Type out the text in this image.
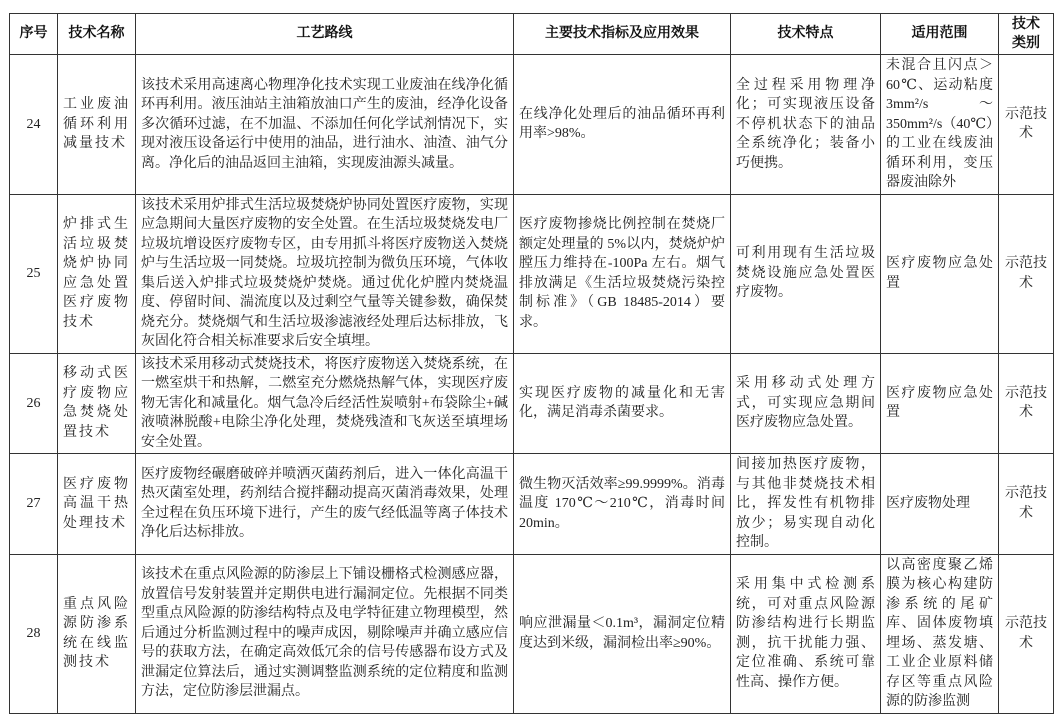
序号	技术名称	工艺路线	主要技术指标及应用效果	技术特点	适用范围	技术类别
24	工业废油循环利用减量技术	该技术采用高速离心物理净化技术实现工业废油在线净化循环再利用。液压油站主油箱放油口产生的废油，经净化设备多次循环过滤，在不加温、不添加任何化学试剂情况下，实现对液压设备运行中使用的油品，进行油水、油渣、油气分离。净化后的油品返回主油箱，实现废油源头减量。	在线净化处理后的油品循环再利用率>98%。	全过程采用物理净化；可实现液压设备不停机状态下的油品全系统净化；装备小巧便携。	未混合且闪点＞60℃、运动粘度3mm²/s ～350mm²/s（40℃）的工业在线废油循环利用，变压器废油除外	示范技术
25	炉排式生活垃圾焚烧炉协同应急处置医疗废物技术	该技术采用炉排式生活垃圾焚烧炉协同处置医疗废物，实现应急期间大量医疗废物的安全处置。在生活垃圾焚烧发电厂垃圾坑增设医疗废物专区，由专用抓斗将医疗废物送入焚烧炉与生活垃圾一同焚烧。垃圾坑控制为微负压环境，气体收集后送入炉排式垃圾焚烧炉焚烧。通过优化炉膛内焚烧温度、停留时间、湍流度以及过剩空气量等关键参数，确保焚烧充分。焚烧烟气和生活垃圾渗滤液经处理后达标排放，飞灰固化符合相关标准要求后安全填埋。	医疗废物掺烧比例控制在焚烧厂额定处理量的 5%以内，焚烧炉炉膛压力维持在-100Pa 左右。烟气排放满足《生活垃圾焚烧污染控制标准》（GB 18485-2014）要求。	可利用现有生活垃圾焚烧设施应急处置医疗废物。	医疗废物应急处置	示范技术
26	移动式医疗废物应急焚烧处置技术	该技术采用移动式焚烧技术，将医疗废物送入焚烧系统，在一燃室烘干和热解，二燃室充分燃烧热解气体，实现医疗废物无害化和减量化。烟气急冷后经活性炭喷射+布袋除尘+碱液喷淋脱酸+电除尘净化处理，焚烧残渣和飞灰送至填埋场安全处置。	实现医疗废物的减量化和无害化，满足消毒杀菌要求。	采用移动式处理方式，可实现应急期间医疗废物应急处置。	医疗废物应急处置	示范技术
27	医疗废物高温干热处理技术	医疗废物经碾磨破碎并喷洒灭菌药剂后，进入一体化高温干热灭菌室处理，药剂结合搅拌翻动提高灭菌消毒效果，处理全过程在负压环境下进行，产生的废气经低温等离子体技术净化后达标排放。	微生物灭活效率≥99.9999%。消毒温度 170℃～210℃，消毒时间20min。	间接加热医疗废物，与其他非焚烧技术相比，挥发性有机物排放少；易实现自动化控制。	医疗废物处理	示范技术
28	重点风险源防渗系统在线监测技术	该技术在重点风险源的防渗层上下铺设栅格式检测感应器，放置信号发射装置并定期供电进行漏洞定位。先根据不同类型重点风险源的防渗结构特点及电学特征建立物理模型，然后通过分析监测过程中的噪声成因，剔除噪声并确立感应信号的获取方法，在确定高效低冗余的信号传感器布设方式及泄漏定位算法后，通过实测调整监测系统的定位精度和监测方法，定位防渗层泄漏点。	响应泄漏量＜0.1m³，漏洞定位精度达到米级，漏洞检出率≥90%。	采用集中式检测系统，可对重点风险源防渗结构进行长期监测，抗干扰能力强、定位准确、系统可靠性高、操作方便。	以高密度聚乙烯膜为核心构建防渗系统的尾矿库、固体废物填埋场、蒸发塘、工业企业原料储存区等重点风险源的防渗监测	示范技术
